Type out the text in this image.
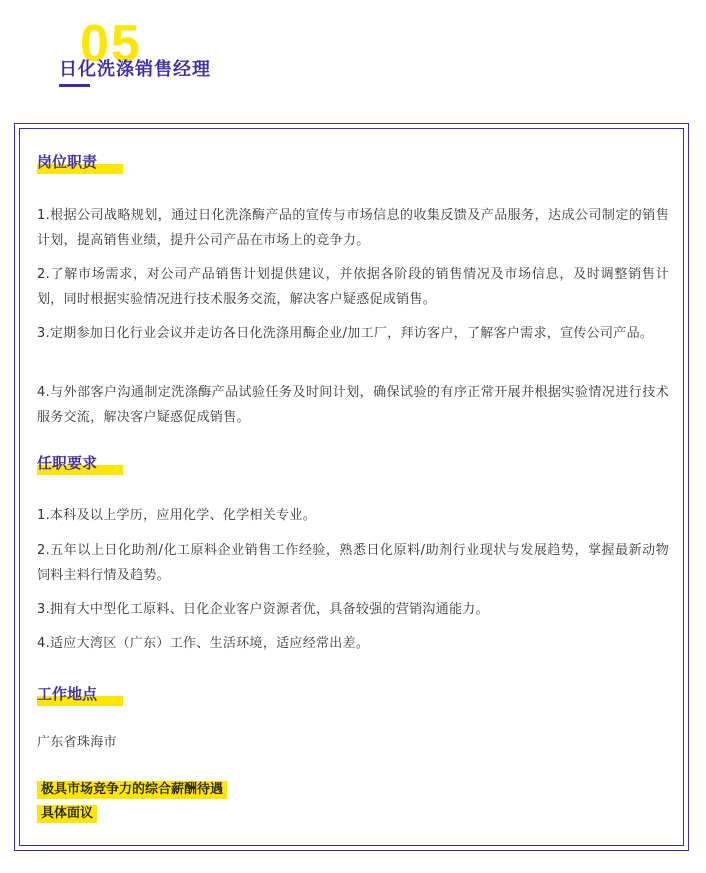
05
日化洗涤销售经理
岗位职责
1.根据公司战略规划，通过日化洗涤酶产品的宣传与市场信息的收集反馈及产品服务，达成公司制定的销售计划，提高销售业绩，提升公司产品在市场上的竞争力。
2.了解市场需求，对公司产品销售计划提供建议，并依据各阶段的销售情况及市场信息，及时调整销售计划，同时根据实验情况进行技术服务交流，解决客户疑惑促成销售。
3.定期参加日化行业会议并走访各日化洗涤用酶企业/加工厂，拜访客户，了解客户需求，宣传公司产品。
4.与外部客户沟通制定洗涤酶产品试验任务及时间计划，确保试验的有序正常开展并根据实验情况进行技术服务交流，解决客户疑惑促成销售。
任职要求
1.本科及以上学历，应用化学、化学相关专业。
2.五年以上日化助剂/化工原料企业销售工作经验，熟悉日化原料/助剂行业现状与发展趋势，掌握最新动物饲料主料行情及趋势。
3.拥有大中型化工原料、日化企业客户资源者优，具备较强的营销沟通能力。
4.适应大湾区（广东）工作、生活环境，适应经常出差。
工作地点
广东省珠海市
极具市场竞争力的综合薪酬待遇
具体面议
